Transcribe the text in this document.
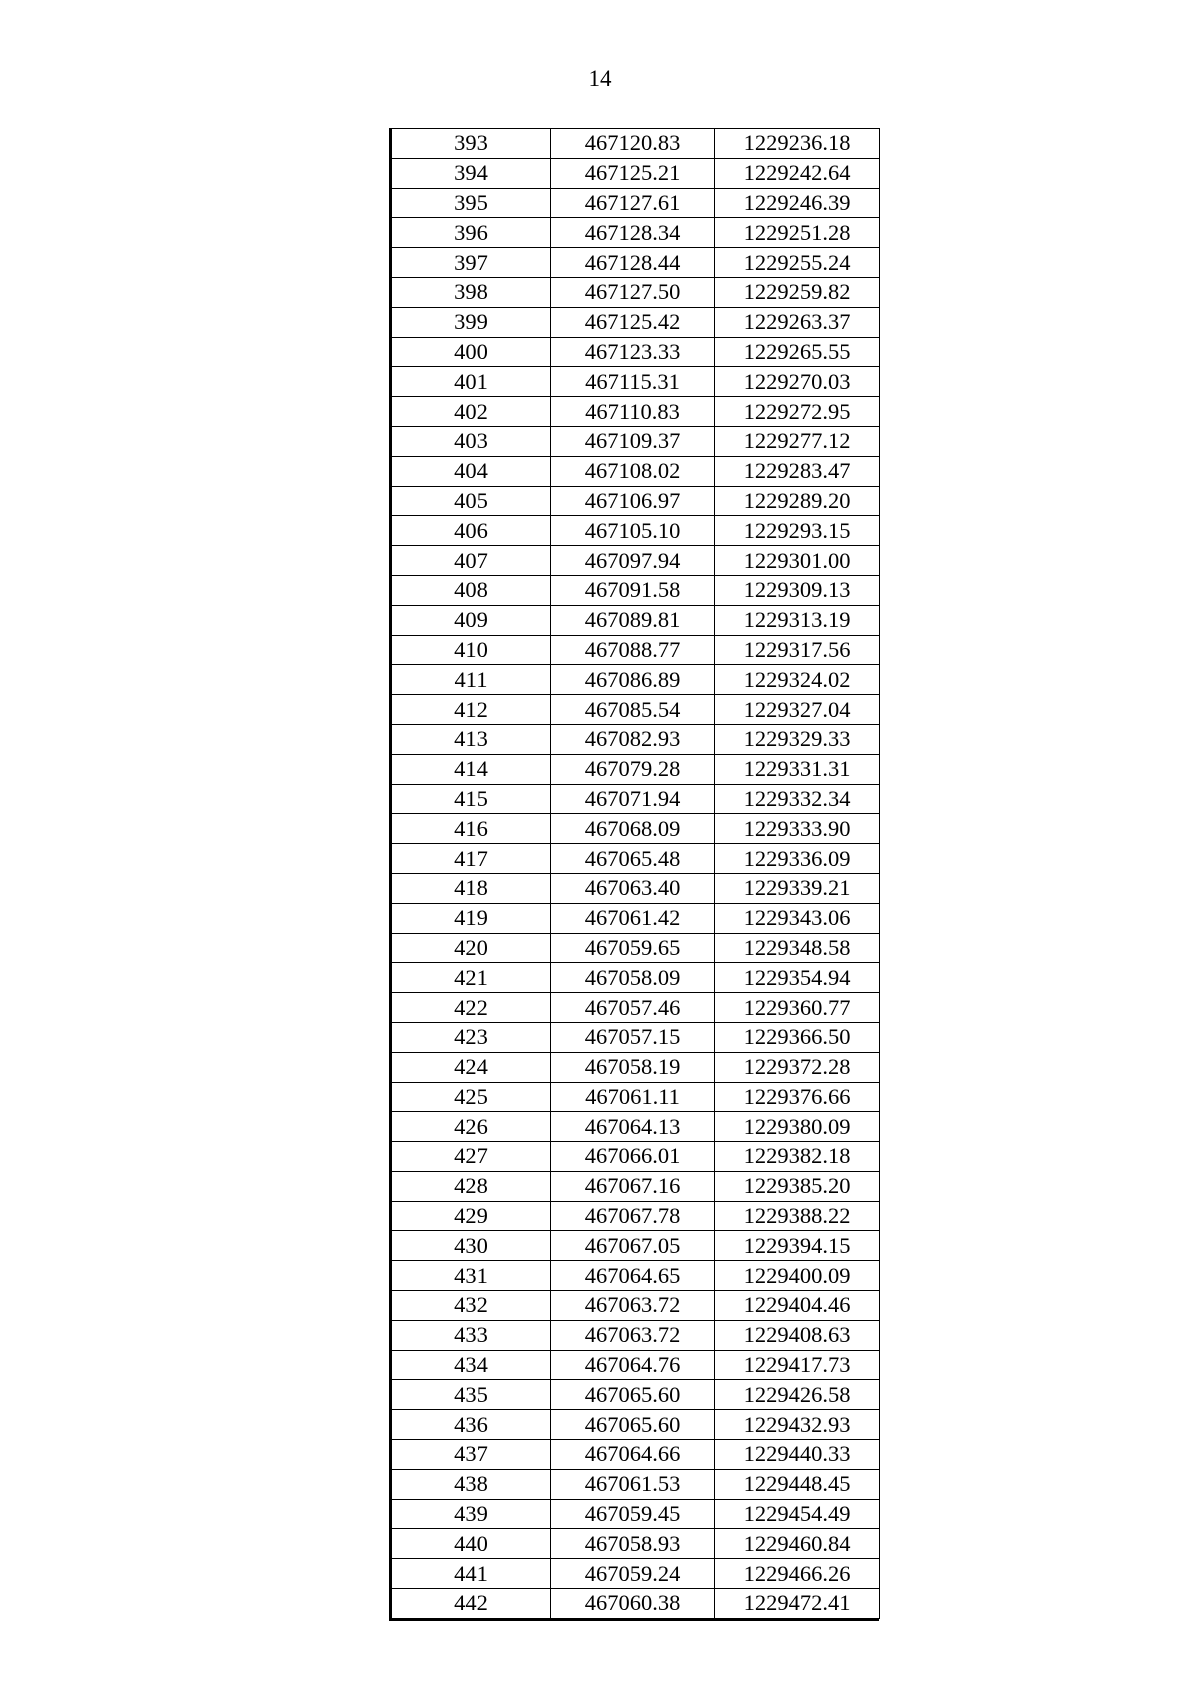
14
393	467120.83	1229236.18
394	467125.21	1229242.64
395	467127.61	1229246.39
396	467128.34	1229251.28
397	467128.44	1229255.24
398	467127.50	1229259.82
399	467125.42	1229263.37
400	467123.33	1229265.55
401	467115.31	1229270.03
402	467110.83	1229272.95
403	467109.37	1229277.12
404	467108.02	1229283.47
405	467106.97	1229289.20
406	467105.10	1229293.15
407	467097.94	1229301.00
408	467091.58	1229309.13
409	467089.81	1229313.19
410	467088.77	1229317.56
411	467086.89	1229324.02
412	467085.54	1229327.04
413	467082.93	1229329.33
414	467079.28	1229331.31
415	467071.94	1229332.34
416	467068.09	1229333.90
417	467065.48	1229336.09
418	467063.40	1229339.21
419	467061.42	1229343.06
420	467059.65	1229348.58
421	467058.09	1229354.94
422	467057.46	1229360.77
423	467057.15	1229366.50
424	467058.19	1229372.28
425	467061.11	1229376.66
426	467064.13	1229380.09
427	467066.01	1229382.18
428	467067.16	1229385.20
429	467067.78	1229388.22
430	467067.05	1229394.15
431	467064.65	1229400.09
432	467063.72	1229404.46
433	467063.72	1229408.63
434	467064.76	1229417.73
435	467065.60	1229426.58
436	467065.60	1229432.93
437	467064.66	1229440.33
438	467061.53	1229448.45
439	467059.45	1229454.49
440	467058.93	1229460.84
441	467059.24	1229466.26
442	467060.38	1229472.41
